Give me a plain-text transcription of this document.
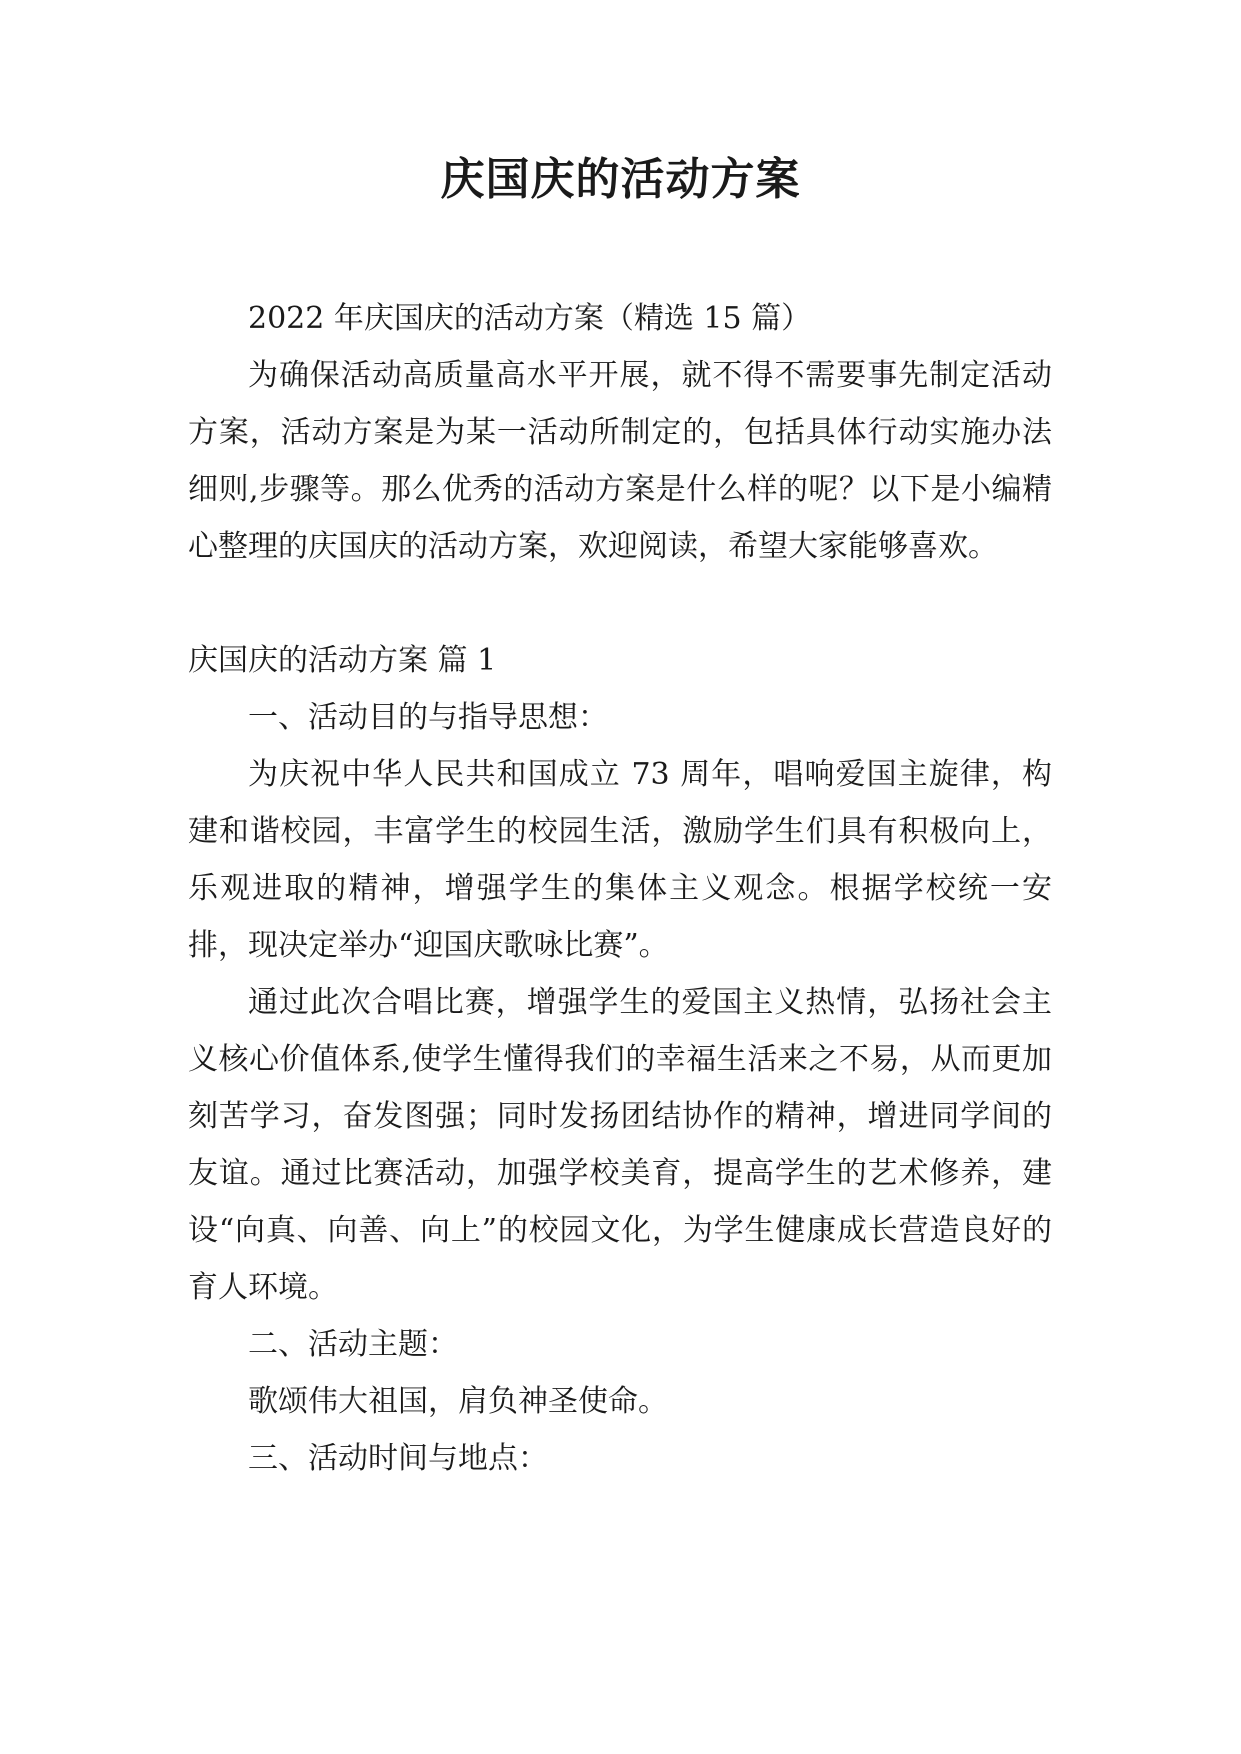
庆国庆的活动方案

2022 年庆国庆的活动方案（精选 15 篇）

为确保活动高质量高水平开展，就不得不需要事先制定活动方案，活动方案是为某一活动所制定的，包括具体行动实施办法细则,步骤等。那么优秀的活动方案是什么样的呢？以下是小编精心整理的庆国庆的活动方案，欢迎阅读，希望大家能够喜欢。

庆国庆的活动方案 篇 1

一、活动目的与指导思想：

为庆祝中华人民共和国成立 73 周年，唱响爱国主旋律，构建和谐校园，丰富学生的校园生活，激励学生们具有积极向上，乐观进取的精神，增强学生的集体主义观念。根据学校统一安排，现决定举办“迎国庆歌咏比赛”。

通过此次合唱比赛，增强学生的爱国主义热情，弘扬社会主义核心价值体系,使学生懂得我们的幸福生活来之不易，从而更加刻苦学习，奋发图强；同时发扬团结协作的精神，增进同学间的友谊。通过比赛活动，加强学校美育，提高学生的艺术修养，建设“向真、向善、向上”的校园文化，为学生健康成长营造良好的育人环境。

二、活动主题：

歌颂伟大祖国，肩负神圣使命。

三、活动时间与地点：
